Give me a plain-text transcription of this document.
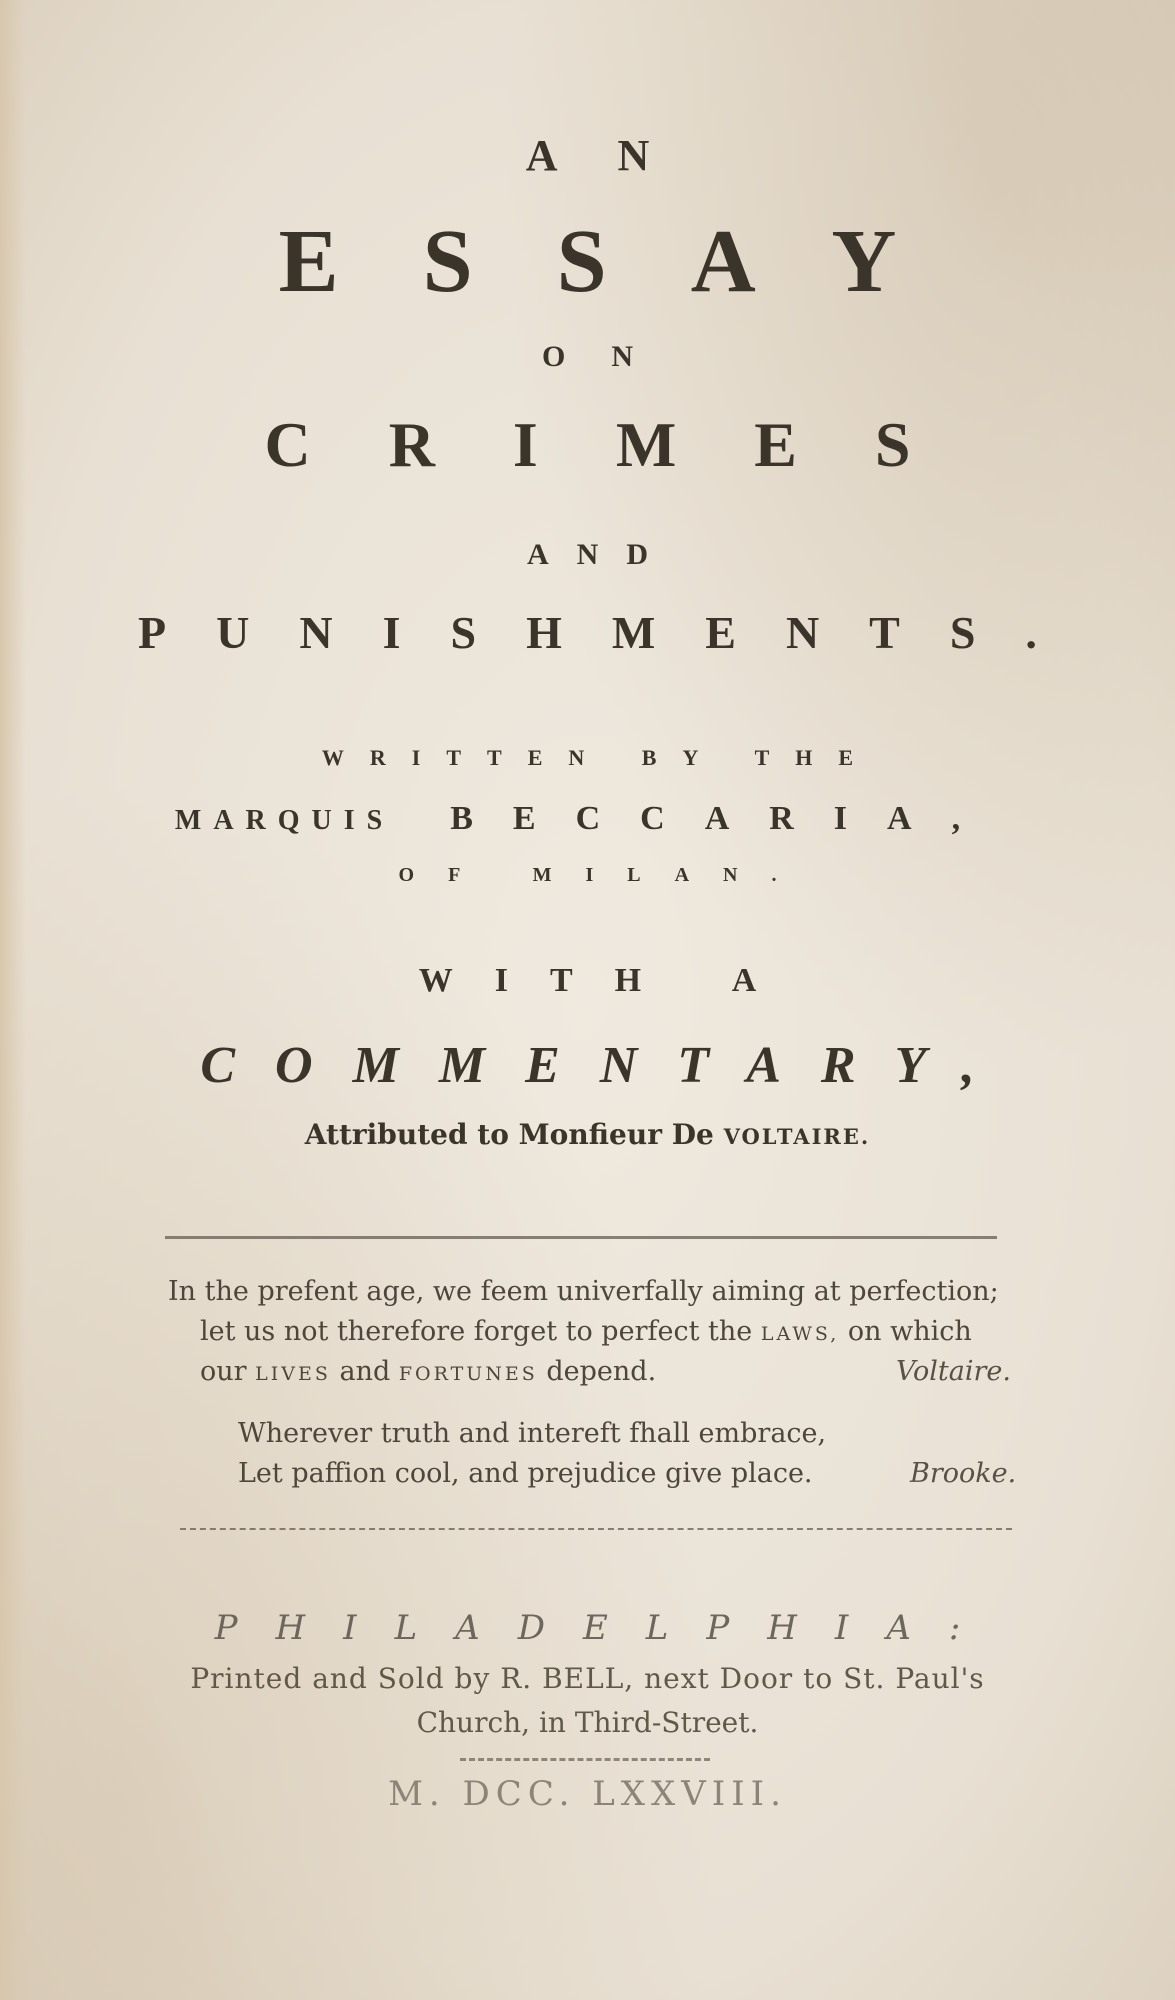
AN
ESSAY
ON
CRIMES
AND
PUNISHMENTS.
WRITTEN BY THE
MARQUIS BECCARIA,
OF MILAN.
WITH A
COMMENTARY,
Attributed to Monfieur De VOLTAIRE.
In the prefent age, we feem univerfally aiming at perfection;
let us not therefore forget to perfect the LAWS, on which
our LIVES and FORTUNES depend.	Voltaire.
Wherever truth and intereft fhall embrace,
Let paffion cool, and prejudice give place.	Brooke.
PHILADELPHIA:
Printed and Sold by R. BELL, next Door to St. Paul's
Church, in Third-Street.
M. DCC. LXXVIII.
